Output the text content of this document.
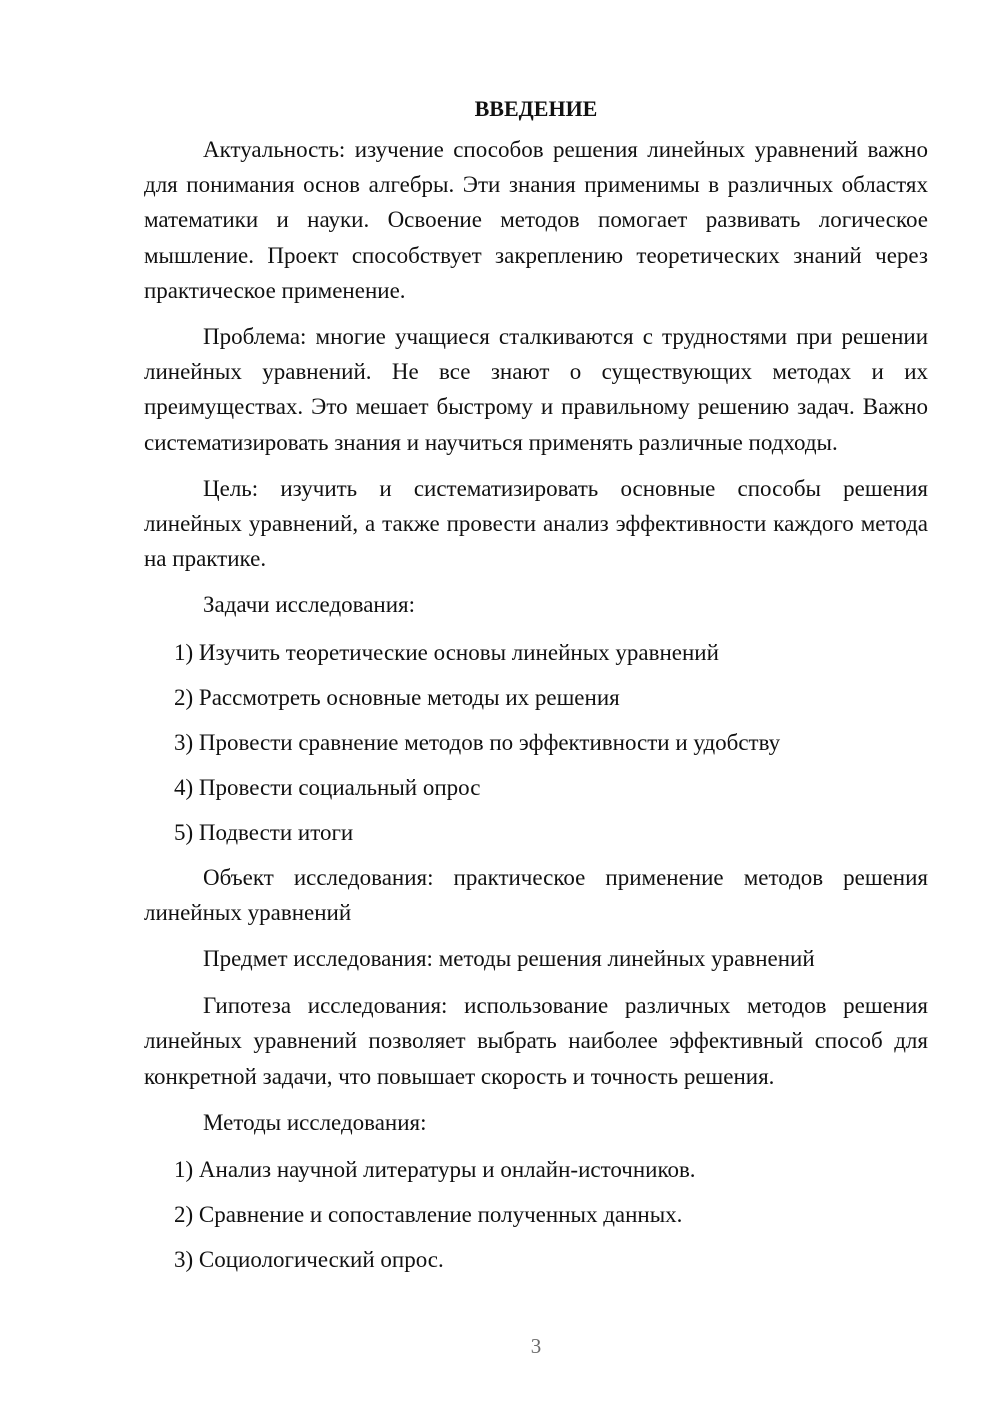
ВВЕДЕНИЕ

Актуальность: изучение способов решения линейных уравнений важно для понимания основ алгебры. Эти знания применимы в различных областях математики и науки. Освоение методов помогает развивать логическое мышление. Проект способствует закреплению теоретических знаний через практическое применение.

Проблема: многие учащиеся сталкиваются с трудностями при решении линейных уравнений. Не все знают о существующих методах и их преимуществах. Это мешает быстрому и правильному решению задач. Важно систематизировать знания и научиться применять различные подходы.

Цель: изучить и систематизировать основные способы решения линейных уравнений, а также провести анализ эффективности каждого метода на практике.

Задачи исследования:

1) Изучить теоретические основы линейных уравнений
2) Рассмотреть основные методы их решения
3) Провести сравнение методов по эффективности и удобству
4) Провести социальный опрос
5) Подвести итоги

Объект исследования: практическое применение методов решения линейных уравнений

Предмет исследования: методы решения линейных уравнений

Гипотеза исследования: использование различных методов решения линейных уравнений позволяет выбрать наиболее эффективный способ для конкретной задачи, что повышает скорость и точность решения.

Методы исследования:

1) Анализ научной литературы и онлайн-источников.
2) Сравнение и сопоставление полученных данных.
3) Социологический опрос.
3
